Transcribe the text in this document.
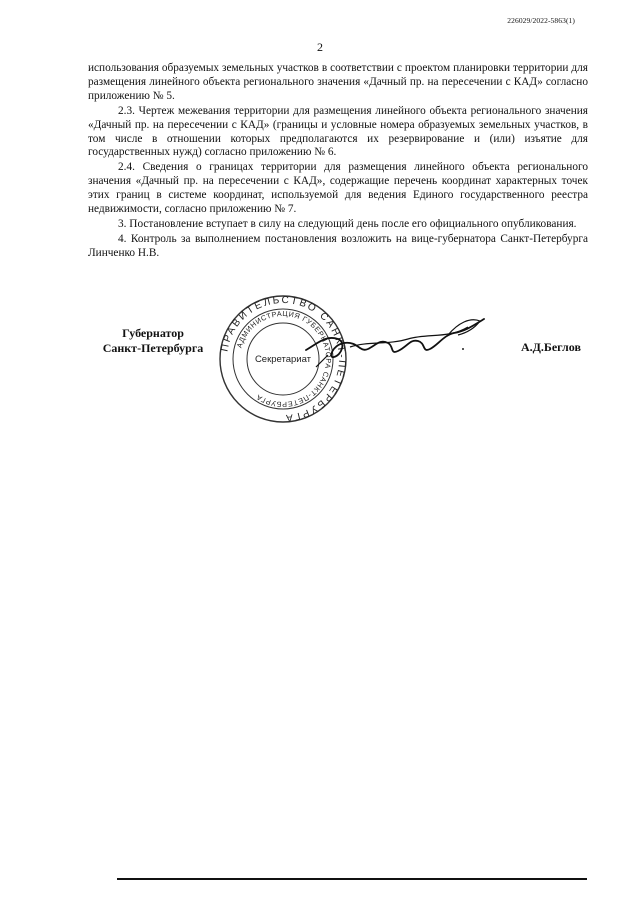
226029/2022-5863(1)
2

использования образуемых земельных участков в соответствии с проектом планировки территории для размещения линейного объекта регионального значения «Дачный пр. на пересечении с КАД» согласно приложению № 5.

2.3. Чертеж межевания территории для размещения линейного объекта регионального значения «Дачный пр. на пересечении с КАД» (границы и условные номера образуемых земельных участков, в том числе в отношении которых предполагаются их резервирование и (или) изъятие для государственных нужд) согласно приложению № 6.

2.4. Сведения о границах территории для размещения линейного объекта регионального значения «Дачный пр. на пересечении с КАД», содержащие перечень координат характерных точек этих границ в системе координат, используемой для ведения Единого государственного реестра недвижимости, согласно приложению № 7.

3. Постановление вступает в силу на следующий день после его официального опубликования.

4. Контроль за выполнением постановления возложить на вице-губернатора Санкт-Петербурга Линченко Н.В.

Губернатор
Санкт-Петербурга	ПРАВИТЕЛЬСТВО САНКТ-ПЕТЕРБУРГА
АДМИНИСТРАЦИЯ ГУБЕРНАТОРА САНКТ-ПЕТЕРБУРГА
Секретариат
А.Д.Беглов
